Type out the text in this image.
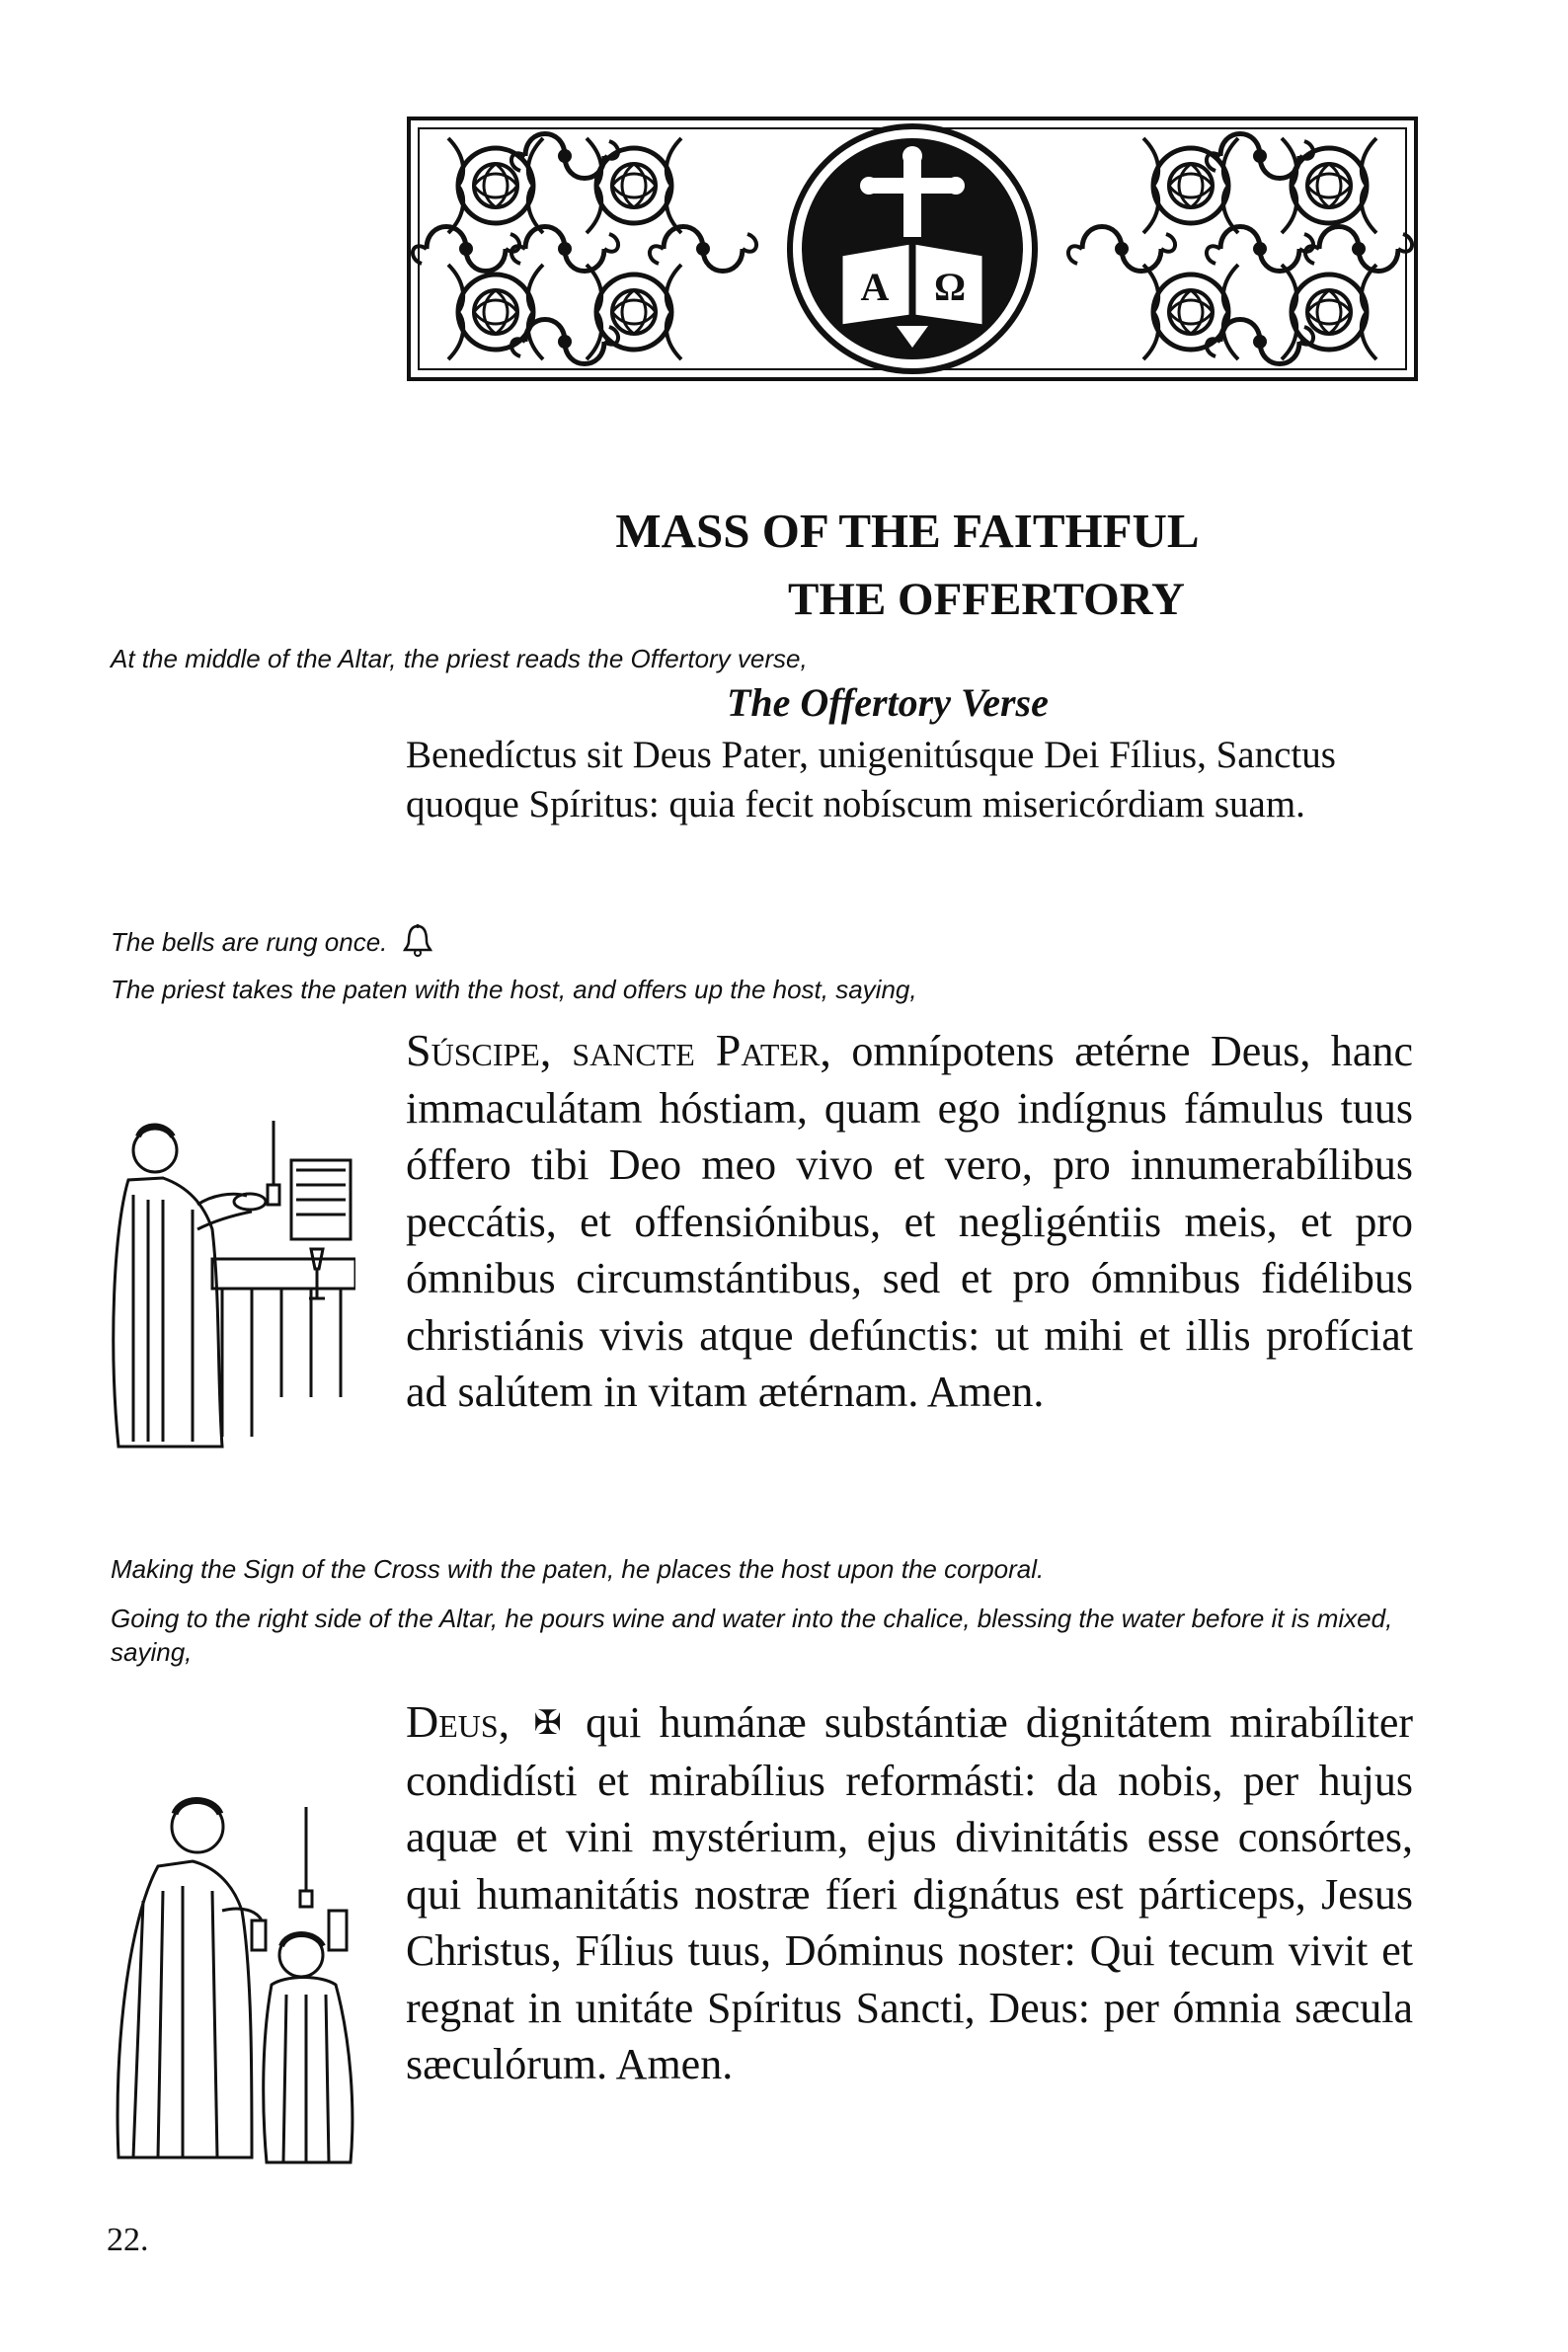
Α Ω
MASS OF THE FAITHFUL
THE OFFERTORY
At the middle of the Altar, the priest reads the Offertory verse,
The Offertory Verse
Benedíctus sit Deus Pater, unigenitúsque Dei Fílius, Sanctus quoque Spíritus: quia fecit nobíscum misericórdiam suam.
The bells are rung once.
The priest takes the paten with the host, and offers up the host, saying,
Súscipe, sancte Pater, omnípotens ætérne Deus, hanc immaculátam hóstiam, quam ego indígnus fámulus tuus óffero tibi Deo meo vivo et vero, pro innumerabílibus peccátis, et offensiónibus, et negligéntiis meis, et pro ómnibus circumstántibus, sed et pro ómnibus fidélibus christiánis vivis atque defúnctis: ut mihi et illis profíciat ad salútem in vitam ætérnam. Amen.
Making the Sign of the Cross with the paten, he places the host upon the corporal.
Going to the right side of the Altar, he pours wine and water into the chalice, blessing the water before it is mixed, saying,
Deus, ✠ qui humánæ substántiæ dignitátem mirabíliter condidísti et mirabílius reformásti: da nobis, per hujus aquæ et vini mystérium, ejus divinitátis esse consórtes, qui humanitátis nostræ fíeri dignátus est párticeps, Jesus Christus, Fílius tuus, Dóminus noster: Qui tecum vivit et regnat in unitáte Spíritus Sancti, Deus: per ómnia sæcula sæculórum. Amen.
22.
